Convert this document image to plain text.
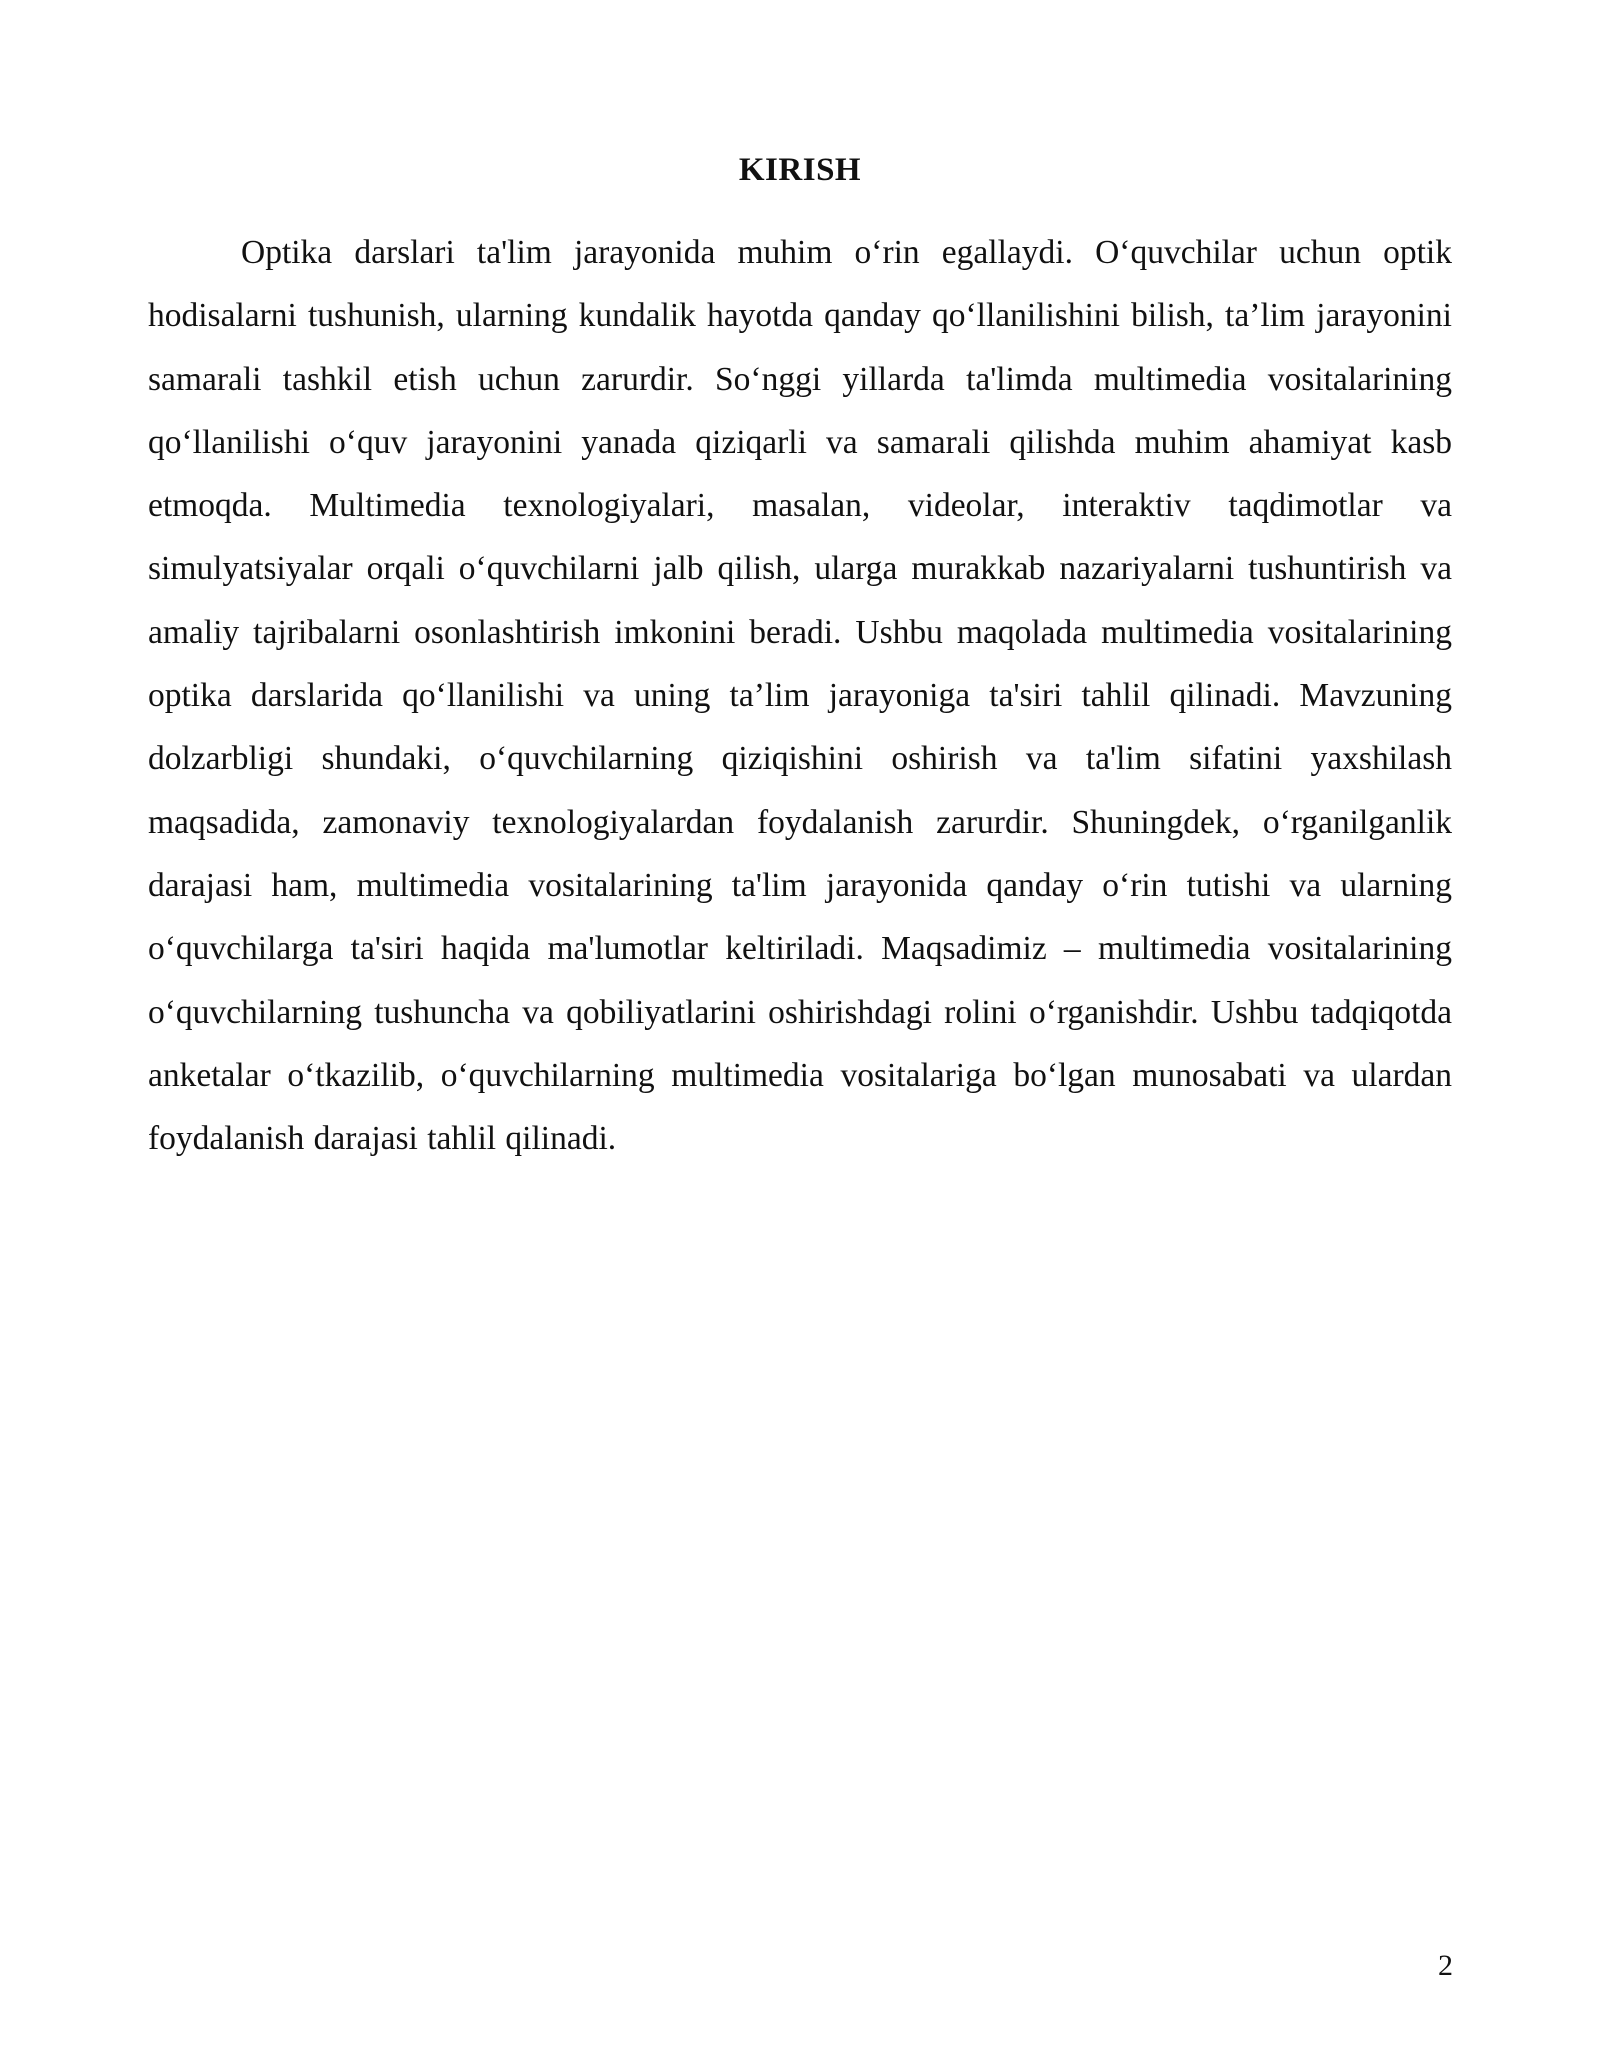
KIRISH

Optika darslari ta'lim jarayonida muhim o‘rin egallaydi. O‘quvchilar uchun optik hodisalarni tushunish, ularning kundalik hayotda qanday qo‘llanilishini bilish, ta’lim jarayonini samarali tashkil etish uchun zarurdir. So‘nggi yillarda ta'limda multimedia vositalarining qo‘llanilishi o‘quv jarayonini yanada qiziqarli va samarali qilishda muhim ahamiyat kasb etmoqda. Multimedia texnologiyalari, masalan, videolar, interaktiv taqdimotlar va simulyatsiyalar orqali o‘quvchilarni jalb qilish, ularga murakkab nazariyalarni tushuntirish va amaliy tajribalarni osonlashtirish imkonini beradi. Ushbu maqolada multimedia vositalarining optika darslarida qo‘llanilishi va uning ta’lim jarayoniga ta'siri tahlil qilinadi. Mavzuning dolzarbligi shundaki, o‘quvchilarning qiziqishini oshirish va ta'lim sifatini yaxshilash maqsadida, zamonaviy texnologiyalardan foydalanish zarurdir. Shuningdek, o‘rganilganlik darajasi ham, multimedia vositalarining ta'lim jarayonida qanday o‘rin tutishi va ularning o‘quvchilarga ta'siri haqida ma'lumotlar keltiriladi. Maqsadimiz – multimedia vositalarining o‘quvchilarning tushuncha va qobiliyatlarini oshirishdagi rolini o‘rganishdir. Ushbu tadqiqotda anketalar o‘tkazilib, o‘quvchilarning multimedia vositalariga bo‘lgan munosabati va ulardan foydalanish darajasi tahlil qilinadi.

2
